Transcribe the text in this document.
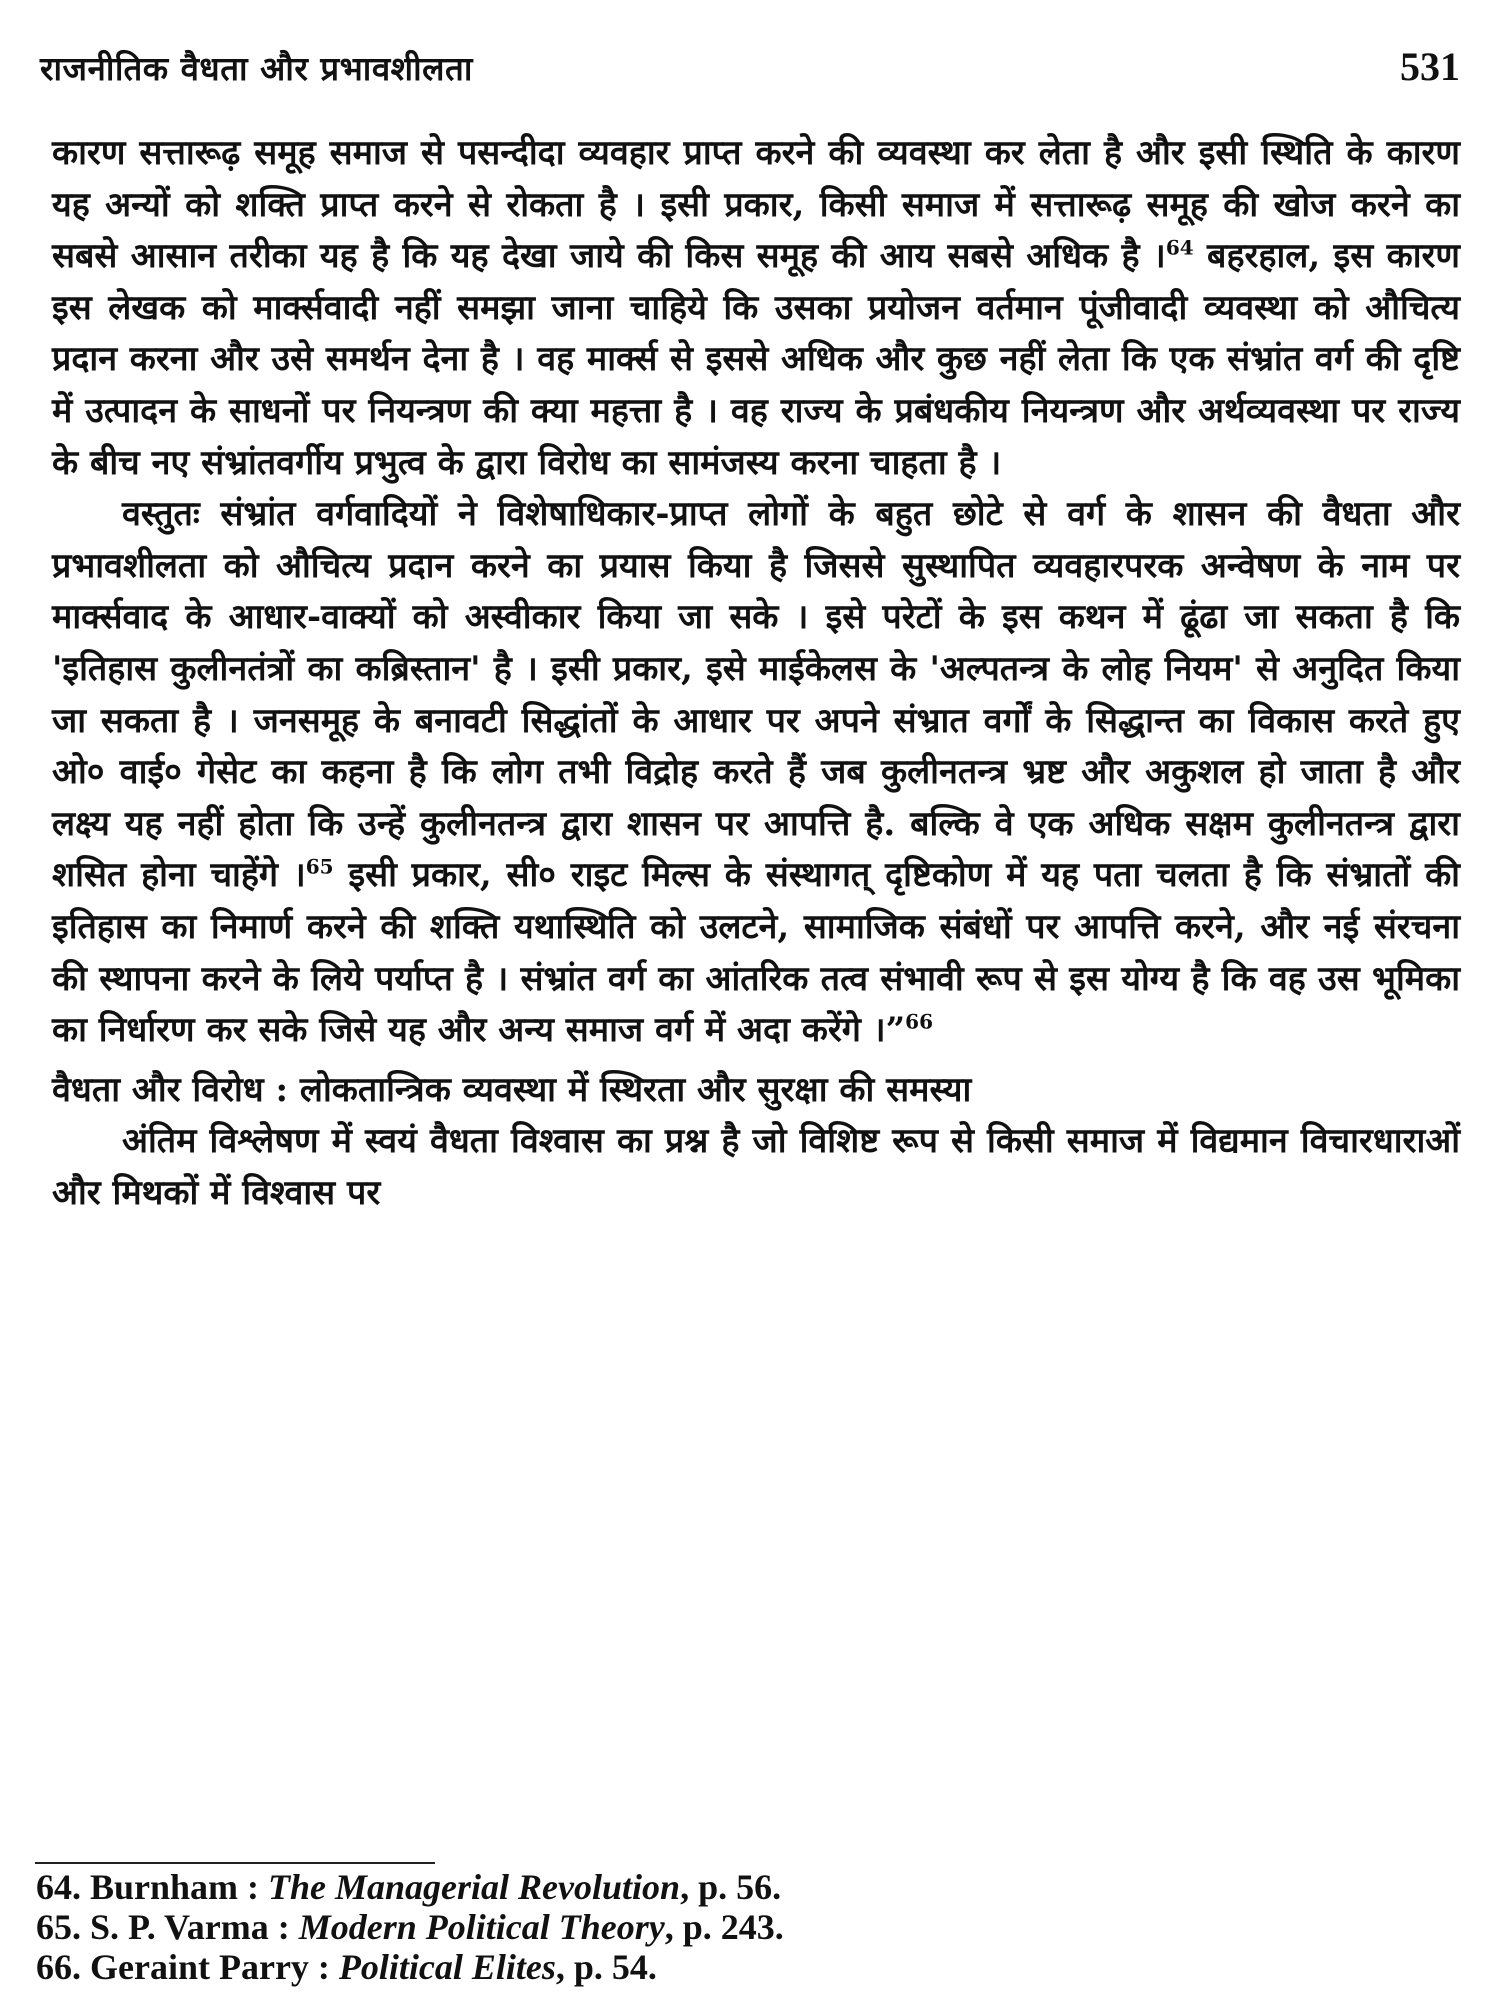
राजनीतिक वैधता और प्रभावशीलता	531

कारण सत्तारूढ़ समूह समाज से पसन्दीदा व्यवहार प्राप्त करने की व्यवस्था कर लेता है और इसी स्थिति के कारण यह अन्यों को शक्ति प्राप्त करने से रोकता है । इसी प्रकार, किसी समाज में सत्तारूढ़ समूह की खोज करने का सबसे आसान तरीका यह है कि यह देखा जाये की किस समूह की आय सबसे अधिक है ।$^{64}$ बहरहाल, इस कारण इस लेखक को मार्क्सवादी नहीं समझा जाना चाहिये कि उसका प्रयोजन वर्तमान पूंजीवादी व्यवस्था को औचित्य प्रदान करना और उसे समर्थन देना है । वह मार्क्स से इससे अधिक और कुछ नहीं लेता कि एक संभ्रांत वर्ग की दृष्टि में उत्पादन के साधनों पर नियन्त्रण की क्या महत्ता है । वह राज्य के प्रबंधकीय नियन्त्रण और अर्थव्यवस्था पर राज्य के बीच नए संभ्रांतवर्गीय प्रभुत्व के द्वारा विरोध का सामंजस्य करना चाहता है ।

वस्तुतः संभ्रांत वर्गवादियों ने विशेषाधिकार-प्राप्त लोगों के बहुत छोटे से वर्ग के शासन की वैधता और प्रभावशीलता को औचित्य प्रदान करने का प्रयास किया है जिससे सुस्थापित व्यवहारपरक अन्वेषण के नाम पर मार्क्सवाद के आधार-वाक्यों को अस्वीकार किया जा सके । इसे परेटों के इस कथन में ढूंढा जा सकता है कि 'इतिहास कुलीनतंत्रों का कब्रिस्तान' है । इसी प्रकार, इसे माईकेलस के 'अल्पतन्त्र के लोह नियम' से अनुदित किया जा सकता है । जनसमूह के बनावटी सिद्धांतों के आधार पर अपने संभ्रात वर्गों के सिद्धान्त का विकास करते हुए ओ० वाई० गेसेट का कहना है कि लोग तभी विद्रोह करते हैं जब कुलीनतन्त्र भ्रष्ट और अकुशल हो जाता है और लक्ष्य यह नहीं होता कि उन्हें कुलीनतन्त्र द्वारा शासन पर आपत्ति है. बल्कि वे एक अधिक सक्षम कुलीनतन्त्र द्वारा शसित होना चाहेंगे ।$^{65}$ इसी प्रकार, सी० राइट मिल्स के संस्थागत् दृष्टिकोण में यह पता चलता है कि संभ्रातों की इतिहास का निमार्ण करने की शक्ति यथास्थिति को उलटने, सामाजिक संबंधों पर आपत्ति करने, और नई संरचना की स्थापना करने के लिये पर्याप्त है । संभ्रांत वर्ग का आंतरिक तत्व संभावी रूप से इस योग्य है कि वह उस भूमिका का निर्धारण कर सके जिसे यह और अन्य समाज वर्ग में अदा करेंगे ।”$^{66}$

वैधता और विरोध : लोकतान्त्रिक व्यवस्था में स्थिरता और सुरक्षा की समस्या

अंतिम विश्लेषण में स्वयं वैधता विश्वास का प्रश्न है जो विशिष्ट रूप से किसी समाज में विद्यमान विचारधाराओं और मिथकों में विश्वास पर

64. Burnham : The Managerial Revolution, p. 56.
65. S. P. Varma : Modern Political Theory, p. 243.
66. Geraint Parry : Political Elites, p. 54.
